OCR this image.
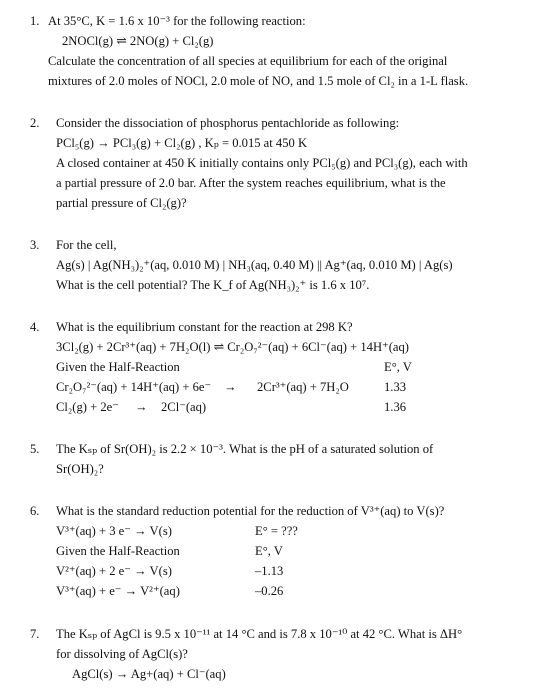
1. At 35°C, K = 1.6 x 10⁻³ for the following reaction:
2NOCl(g) ⇌ 2NO(g) + Cl₂(g)
Calculate the concentration of all species at equilibrium for each of the original
mixtures of 2.0 moles of NOCl, 2.0 mole of NO, and 1.5 mole of Cl₂ in a 1-L flask.
2. Consider the dissociation of phosphorus pentachloride as following:
PCl₅(g) → PCl₃(g) + Cl₂(g) , Kₚ = 0.015 at 450 K
A closed container at 450 K initially contains only PCl₅(g) and PCl₃(g), each with
a partial pressure of 2.0 bar. After the system reaches equilibrium, what is the
partial pressure of Cl₂(g)?
3. For the cell,
Ag(s) | Ag(NH₃)₂⁺(aq, 0.010 M) | NH₃(aq, 0.40 M) || Ag⁺(aq, 0.010 M) | Ag(s)
What is the cell potential? The K_f of Ag(NH₃)₂⁺ is 1.6 x 10⁷.
4. What is the equilibrium constant for the reaction at 298 K?
3Cl₂(g) + 2Cr³⁺(aq) + 7H₂O(l) ⇌ Cr₂O₇²⁻(aq) + 6Cl⁻(aq) + 14H⁺(aq)
Given the Half-Reaction	E°, V
Cr₂O₇²⁻(aq) + 14H⁺(aq) + 6e⁻ → 2Cr³⁺(aq) + 7H₂O	1.33
Cl₂(g) + 2e⁻ → 2Cl⁻(aq)	1.36
5. The Kₛₚ of Sr(OH)₂ is 2.2 × 10⁻³. What is the pH of a saturated solution of
Sr(OH)₂?
6. What is the standard reduction potential for the reduction of V³⁺(aq) to V(s)?
V³⁺(aq) + 3 e⁻ → V(s)	E° = ???
Given the Half-Reaction	E°, V
V²⁺(aq) + 2 e⁻ → V(s)	–1.13
V³⁺(aq) + e⁻ → V²⁺(aq)	–0.26
7. The Kₛₚ of AgCl is 9.5 x 10⁻¹¹ at 14 °C and is 7.8 x 10⁻¹⁰ at 42 °C. What is ΔH°
for dissolving of AgCl(s)?
AgCl(s) → Ag+(aq) + Cl⁻(aq)
